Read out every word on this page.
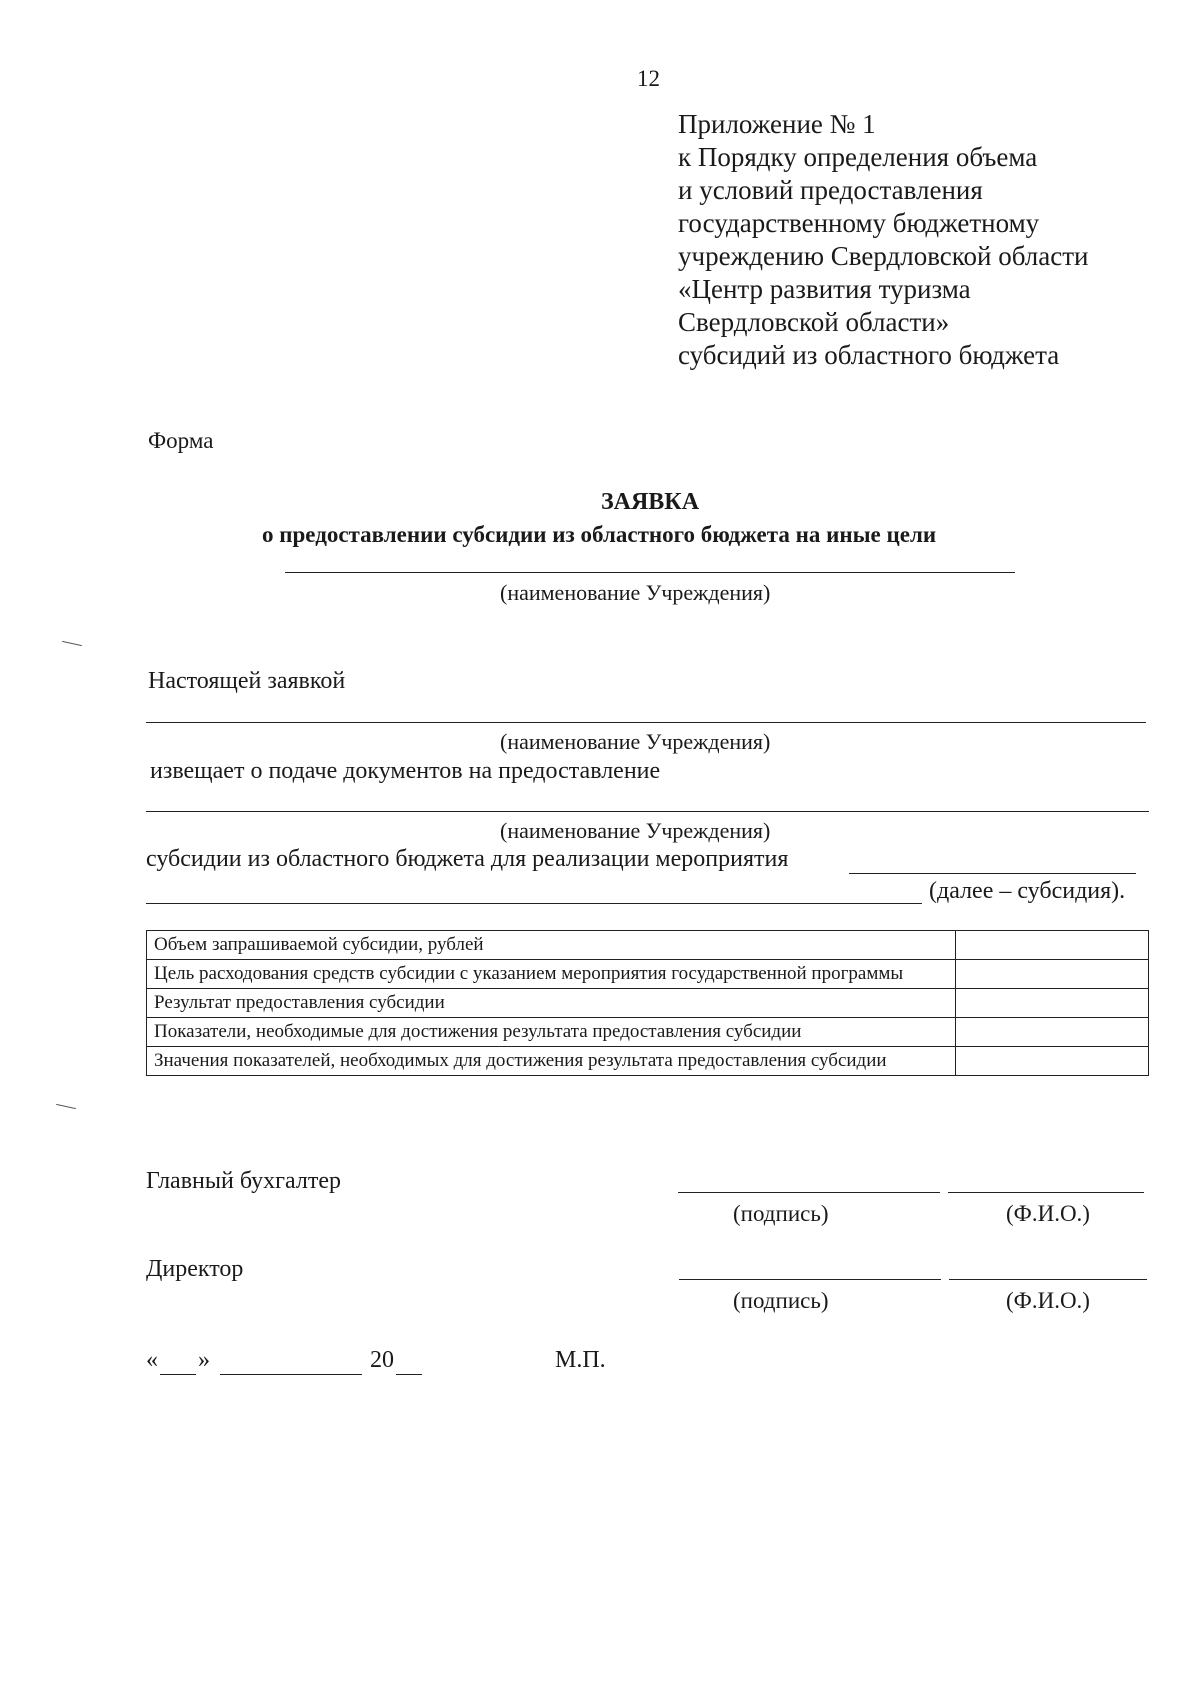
12
Приложение № 1
к Порядку определения объема
и условий предоставления
государственному бюджетному
учреждению Свердловской области
«Центр развития туризма
Свердловской области»
субсидий из областного бюджета
Форма
ЗАЯВКА
о предоставлении субсидии из областного бюджета на иные цели
(наименование Учреждения)
Настоящей заявкой
(наименование Учреждения)
извещает о подаче документов на предоставление
(наименование Учреждения)
субсидии из областного бюджета для реализации мероприятия
(далее – субсидия).
Объем запрашиваемой субсидии, рублей	
Цель расходования средств субсидии с указанием мероприятия государственной программы	
Результат предоставления субсидии	
Показатели, необходимые для достижения результата предоставления субсидии	
Значения показателей, необходимых для достижения результата предоставления субсидии	
Главный бухгалтер
(подпись)	(Ф.И.О.)
Директор
(подпись)	(Ф.И.О.)
« »	20	М.П.
